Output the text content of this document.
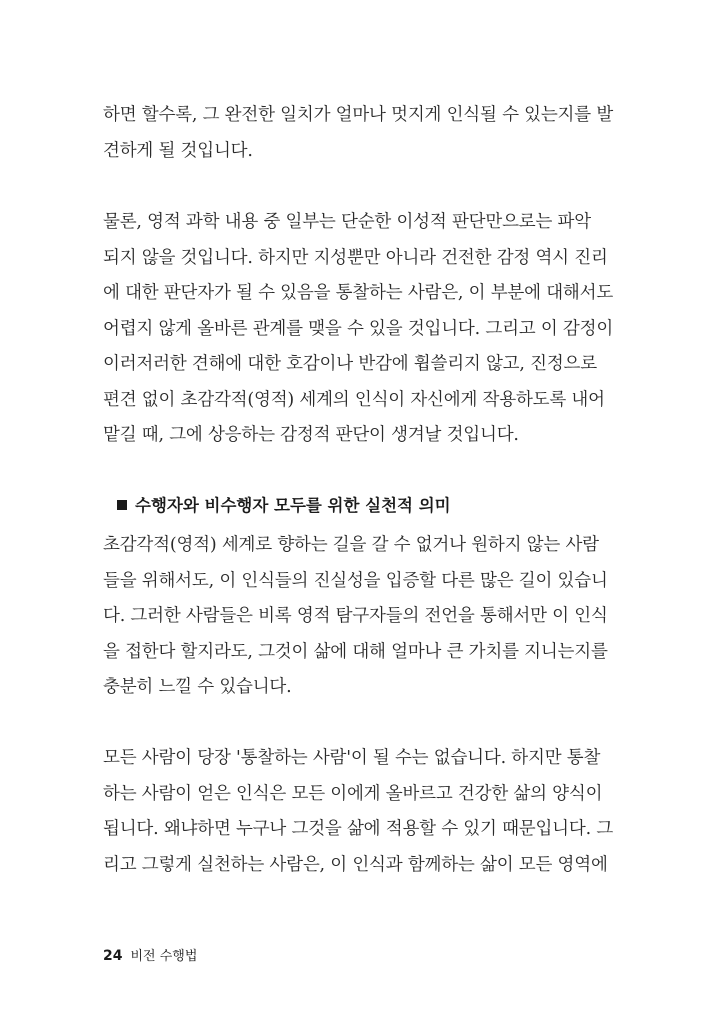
하면 할수록, 그 완전한 일치가 얼마나 멋지게 인식될 수 있는지를 발
견하게 될 것입니다.
물론, 영적 과학 내용 중 일부는 단순한 이성적 판단만으로는 파악
되지 않을 것입니다. 하지만 지성뿐만 아니라 건전한 감정 역시 진리
에 대한 판단자가 될 수 있음을 통찰하는 사람은, 이 부분에 대해서도
어렵지 않게 올바른 관계를 맺을 수 있을 것입니다. 그리고 이 감정이
이러저러한 견해에 대한 호감이나 반감에 휩쓸리지 않고, 진정으로
편견 없이 초감각적(영적) 세계의 인식이 자신에게 작용하도록 내어
맡길 때, 그에 상응하는 감정적 판단이 생겨날 것입니다.
수행자와 비수행자 모두를 위한 실천적 의미
초감각적(영적) 세계로 향하는 길을 갈 수 없거나 원하지 않는 사람
들을 위해서도, 이 인식들의 진실성을 입증할 다른 많은 길이 있습니
다. 그러한 사람들은 비록 영적 탐구자들의 전언을 통해서만 이 인식
을 접한다 할지라도, 그것이 삶에 대해 얼마나 큰 가치를 지니는지를
충분히 느낄 수 있습니다.
모든 사람이 당장 '통찰하는 사람'이 될 수는 없습니다. 하지만 통찰
하는 사람이 얻은 인식은 모든 이에게 올바르고 건강한 삶의 양식이
됩니다. 왜냐하면 누구나 그것을 삶에 적용할 수 있기 때문입니다. 그
리고 그렇게 실천하는 사람은, 이 인식과 함께하는 삶이 모든 영역에
24 비전 수행법
